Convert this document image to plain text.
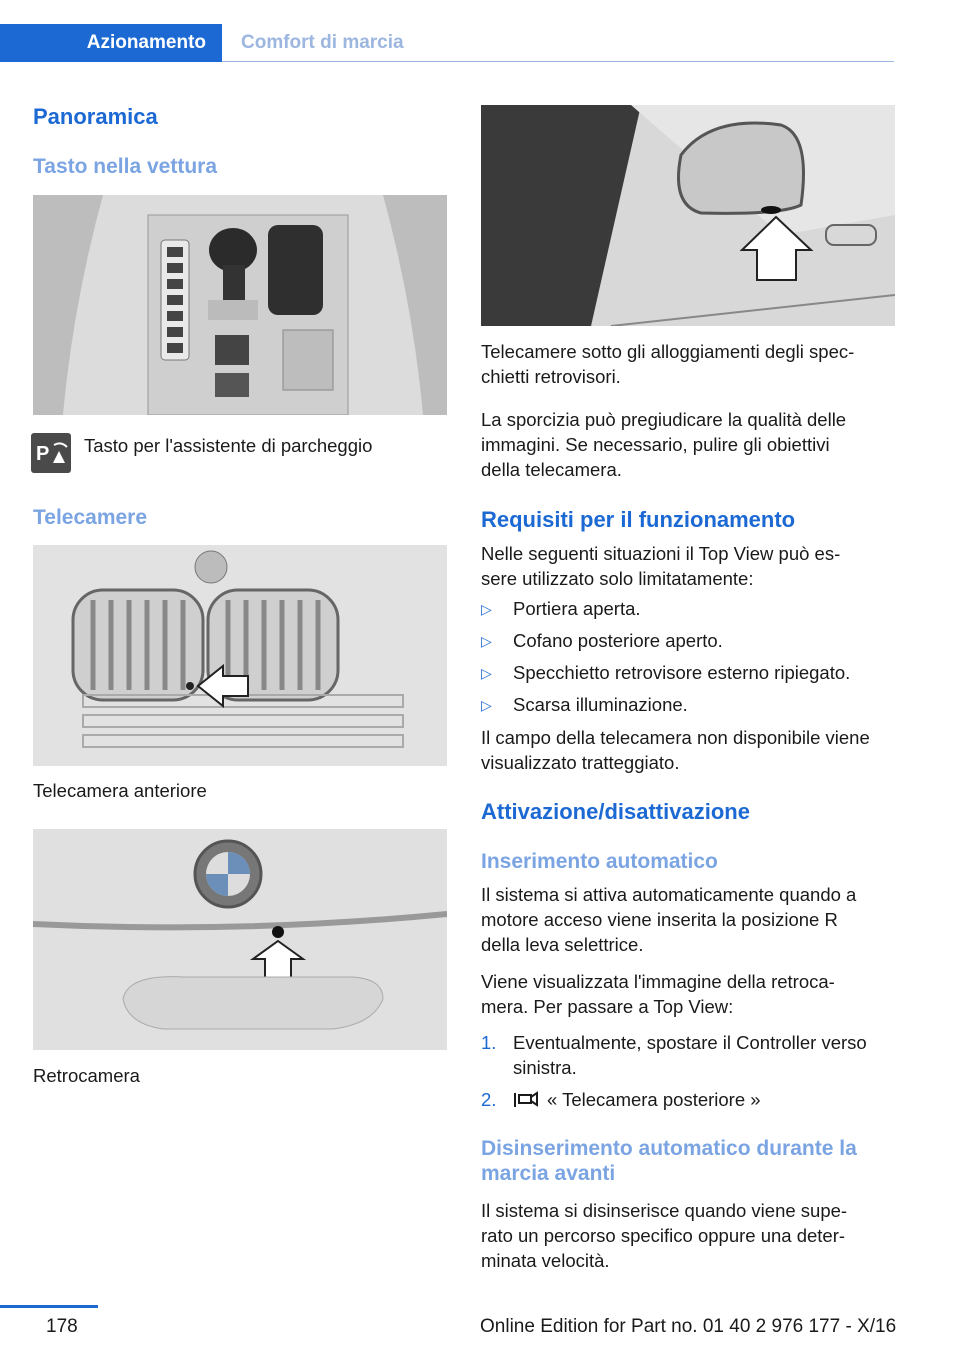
Azionamento	Comfort di marcia
Panoramica
Tasto nella vettura
P Tasto per l'assistente di parcheggio
Telecamere
Telecamera anteriore
Retrocamera
Telecamere sotto gli alloggiamenti degli spec-
chietti retrovisori.
La sporcizia può pregiudicare la qualità delle
immagini. Se necessario, pulire gli obiettivi
della telecamera.
Requisiti per il funzionamento
Nelle seguenti situazioni il Top View può es-
sere utilizzato solo limitatamente:
▷ Portiera aperta.
▷ Cofano posteriore aperto.
▷ Specchietto retrovisore esterno ripiegato.
▷ Scarsa illuminazione.
Il campo della telecamera non disponibile viene
visualizzato tratteggiato.
Attivazione/disattivazione
Inserimento automatico
Il sistema si attiva automaticamente quando a
motore acceso viene inserita la posizione R
della leva selettrice.
Viene visualizzata l'immagine della retroca-
mera. Per passare a Top View:
1. Eventualmente, spostare il Controller verso
sinistra.
2.	« Telecamera posteriore »
Disinserimento automatico durante la
marcia avanti
Il sistema si disinserisce quando viene supe-
rato un percorso specifico oppure una deter-
minata velocità.
178	Online Edition for Part no. 01 40 2 976 177 - X/16
